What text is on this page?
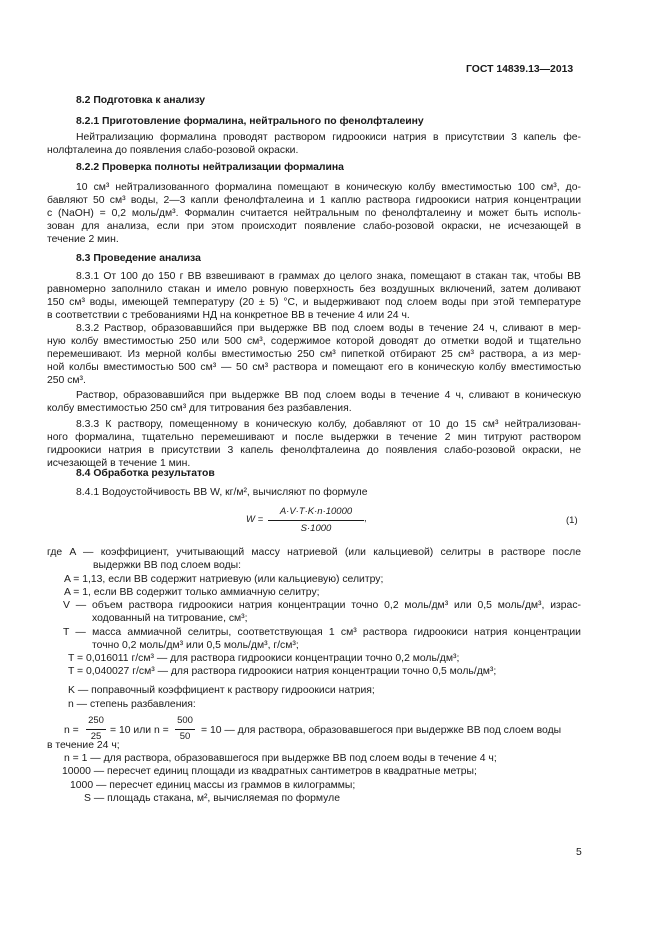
ГОСТ 14839.13—2013
8.2 Подготовка к анализу
8.2.1 Приготовление формалина, нейтрального по фенолфталеину
Нейтрализацию формалина проводят раствором гидроокиси натрия в присутствии 3 капель фе-
нолфталеина до появления слабо-розовой окраски.
8.2.2 Проверка полноты нейтрализации формалина
10 см³ нейтрализованного формалина помещают в коническую колбу вместимостью 100 см³, до-
бавляют 50 см³ воды, 2—3 капли фенолфталеина и 1 каплю раствора гидроокиси натрия концентрации
c (NaOH) = 0,2 моль/дм³. Формалин считается нейтральным по фенолфталеину и может быть исполь-
зован для анализа, если при этом происходит появление слабо-розовой окраски, не исчезающей в
течение 2 мин.
8.3 Проведение анализа
8.3.1 От 100 до 150 г ВВ взвешивают в граммах до целого знака, помещают в стакан так, чтобы ВВ
равномерно заполнило стакан и имело ровную поверхность без воздушных включений, затем доливают
150 см³ воды, имеющей температуру (20 ± 5) °С, и выдерживают под слоем воды при этой температуре
в соответствии с требованиями НД на конкретное ВВ в течение 4 или 24 ч.
8.3.2 Раствор, образовавшийся при выдержке ВВ под слоем воды в течение 24 ч, сливают в мер-
ную колбу вместимостью 250 или 500 см³, содержимое которой доводят до отметки водой и тщательно
перемешивают. Из мерной колбы вместимостью 250 см³ пипеткой отбирают 25 см³ раствора, а из мер-
ной колбы вместимостью 500 см³ — 50 см³ раствора и помещают его в коническую колбу вместимостью
250 см³.
Раствор, образовавшийся при выдержке ВВ под слоем воды в течение 4 ч, сливают в коническую
колбу вместимостью 250 см³ для титрования без разбавления.
8.3.3 К раствору, помещенному в коническую колбу, добавляют от 10 до 15 см³ нейтрализован-
ного формалина, тщательно перемешивают и после выдержки в течение 2 мин титруют раствором
гидроокиси натрия в присутствии 3 капель фенолфталеина до появления слабо-розовой окраски, не
исчезающей в течение 1 мин.
8.4 Обработка результатов
8.4.1 Водоустойчивость ВВ W, кг/м², вычисляют по формуле
W =
A·V·T·K·n·10000
S·1000
,	(1)
где A — коэффициент, учитывающий массу натриевой (или кальциевой) селитры в растворе после
выдержки ВВ под слоем воды:
A = 1,13, если ВВ содержит натриевую (или кальциевую) селитру;
A = 1, если ВВ содержит только аммиачную селитру;
V — объем раствора гидроокиси натрия концентрации точно 0,2 моль/дм³ или 0,5 моль/дм³, израс-
ходованный на титрование, см³;
T — масса аммиачной селитры, соответствующая 1 см³ раствора гидроокиси натрия концентрации
точно 0,2 моль/дм³ или 0,5 моль/дм³, г/см³;
T = 0,016011 г/см³ — для раствора гидроокиси концентрации точно 0,2 моль/дм³;
T = 0,040027 г/см³ — для раствора гидроокиси натрия концентрации точно 0,5 моль/дм³;
K — поправочный коэффициент к раствору гидроокиси натрия;
n — степень разбавления:
n =
250
25
= 10 или n =
500
50
= 10 — для раствора, образовавшегося при выдержке ВВ под слоем воды
в течение 24 ч;
n = 1 — для раствора, образовавшегося при выдержке ВВ под слоем воды в течение 4 ч;
10000 — пересчет единиц площади из квадратных сантиметров в квадратные метры;
1000 — пересчет единиц массы из граммов в килограммы;
S — площадь стакана, м², вычисляемая по формуле
5
